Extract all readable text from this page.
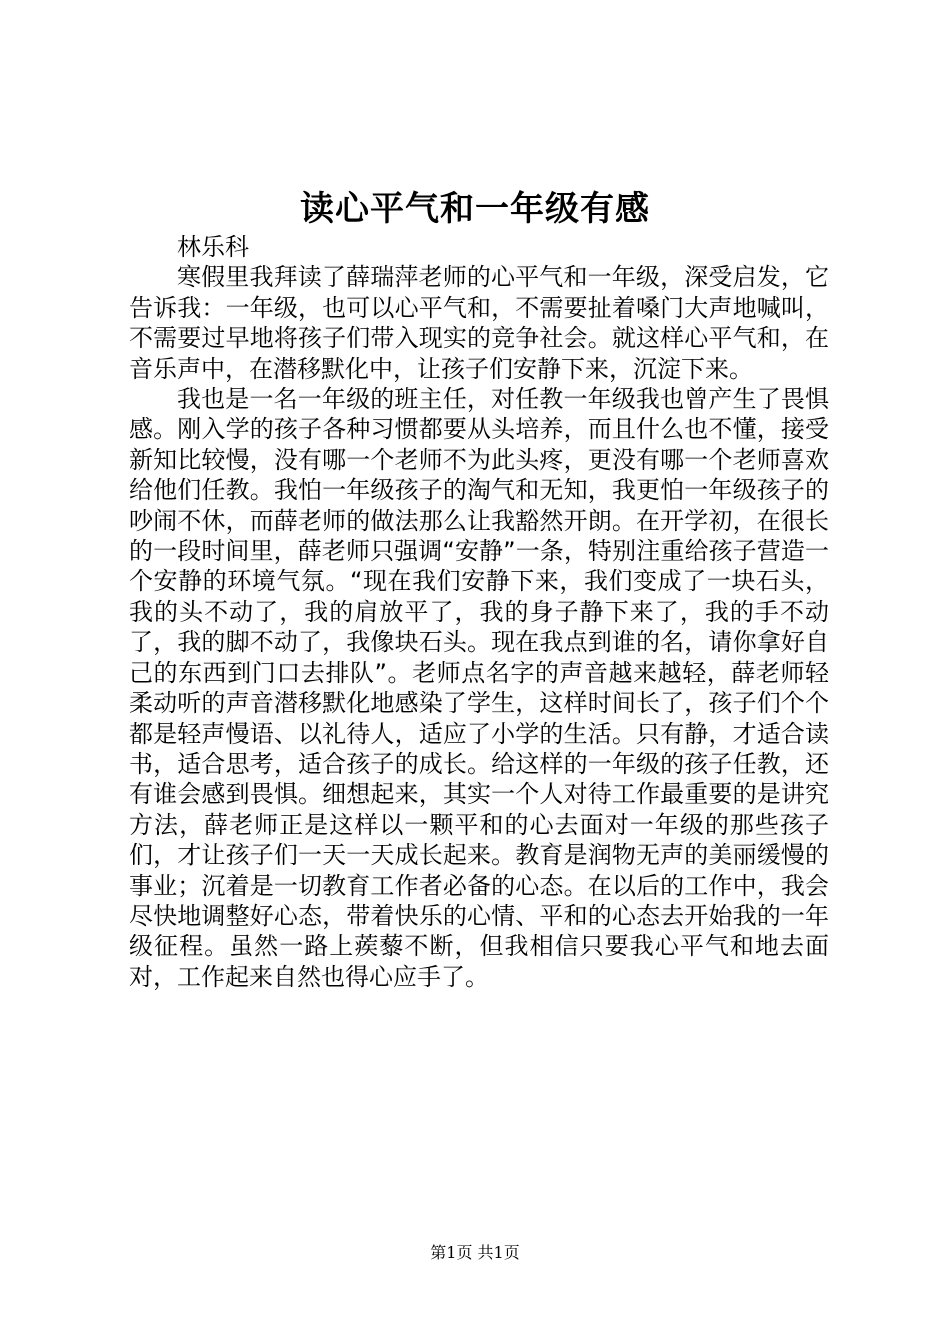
读心平气和一年级有感

林乐科

寒假里我拜读了薛瑞萍老师的心平气和一年级，深受启发，它告诉我：一年级，也可以心平气和，不需要扯着嗓门大声地喊叫，不需要过早地将孩子们带入现实的竞争社会。就这样心平气和，在音乐声中，在潜移默化中，让孩子们安静下来，沉淀下来。

我也是一名一年级的班主任，对任教一年级我也曾产生了畏惧感。刚入学的孩子各种习惯都要从头培养，而且什么也不懂，接受新知比较慢，没有哪一个老师不为此头疼，更没有哪一个老师喜欢给他们任教。我怕一年级孩子的淘气和无知，我更怕一年级孩子的吵闹不休，而薛老师的做法那么让我豁然开朗。在开学初，在很长的一段时间里，薛老师只强调“安静”一条，特别注重给孩子营造一个安静的环境气氛。“现在我们安静下来，我们变成了一块石头，我的头不动了，我的肩放平了，我的身子静下来了，我的手不动了，我的脚不动了，我像块石头。现在我点到谁的名，请你拿好自己的东西到门口去排队”。老师点名字的声音越来越轻，薛老师轻柔动听的声音潜移默化地感染了学生，这样时间长了，孩子们个个都是轻声慢语、以礼待人，适应了小学的生活。只有静，才适合读书，适合思考，适合孩子的成长。给这样的一年级的孩子任教，还有谁会感到畏惧。细想起来，其实一个人对待工作最重要的是讲究方法，薛老师正是这样以一颗平和的心去面对一年级的那些孩子们，才让孩子们一天一天成长起来。教育是润物无声的美丽缓慢的事业；沉着是一切教育工作者必备的心态。在以后的工作中，我会尽快地调整好心态，带着快乐的心情、平和的心态去开始我的一年级征程。虽然一路上蒺藜不断，但我相信只要我心平气和地去面对，工作起来自然也得心应手了。

第1页 共1页
